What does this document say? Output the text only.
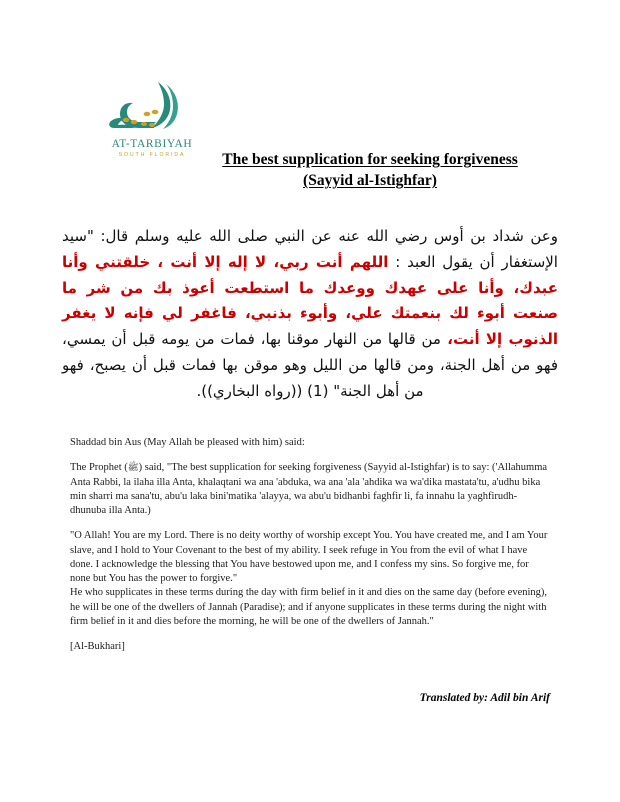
AT-TARBIYAH
SOUTH FLORIDA	The best supplication for seeking forgiveness
(Sayyid al-Istighfar)
وعن شداد بن أوس رضي الله عنه عن النبي صلى الله عليه وسلم قال: "سيد الإستغفار أن يقول العبد : اللهم أنت ربي، لا إله إلا أنت ، خلقتني وأنا عبدك، وأنا على عهدك ووعدك ما استطعت أعوذ بك من شر ما صنعت أبوء لك بنعمتك علي، وأبوء بذنبي، فاغفر لي فإنه لا يغفر الذنوب إلا أنت، من قالها من النهار موقنا بها، فمات من يومه قبل أن يمسي، فهو من أهل الجنة، ومن قالها من الليل وهو موقن بها فمات قبل أن يصبح، فهو من أهل الجنة" (1) ((رواه البخاري)).

Shaddad bin Aus (May Allah be pleased with him) said:

The Prophet (ﷺ) said, "The best supplication for seeking forgiveness (Sayyid al-Istighfar) is to say: ('Allahumma Anta Rabbi, la ilaha illa Anta, khalaqtani wa ana 'abduka, wa ana 'ala 'ahdika wa wa'dika mastata'tu, a'udhu bika min sharri ma sana'tu, abu'u laka bini'matika 'alayya, wa abu'u bidhanbi faghfir li, fa innahu la yaghfirudh-dhunuba illa Anta.)

"O Allah! You are my Lord. There is no deity worthy of worship except You. You have created me, and I am Your slave, and I hold to Your Covenant to the best of my ability. I seek refuge in You from the evil of what I have done. I acknowledge the blessing that You have bestowed upon me, and I confess my sins. So forgive me, for none but You has the power to forgive."

He who supplicates in these terms during the day with firm belief in it and dies on the same day (before evening), he will be one of the dwellers of Jannah (Paradise); and if anyone supplicates in these terms during the night with firm belief in it and dies before the morning, he will be one of the dwellers of Jannah."

[Al-Bukhari]

Translated by: Adil bin Arif
